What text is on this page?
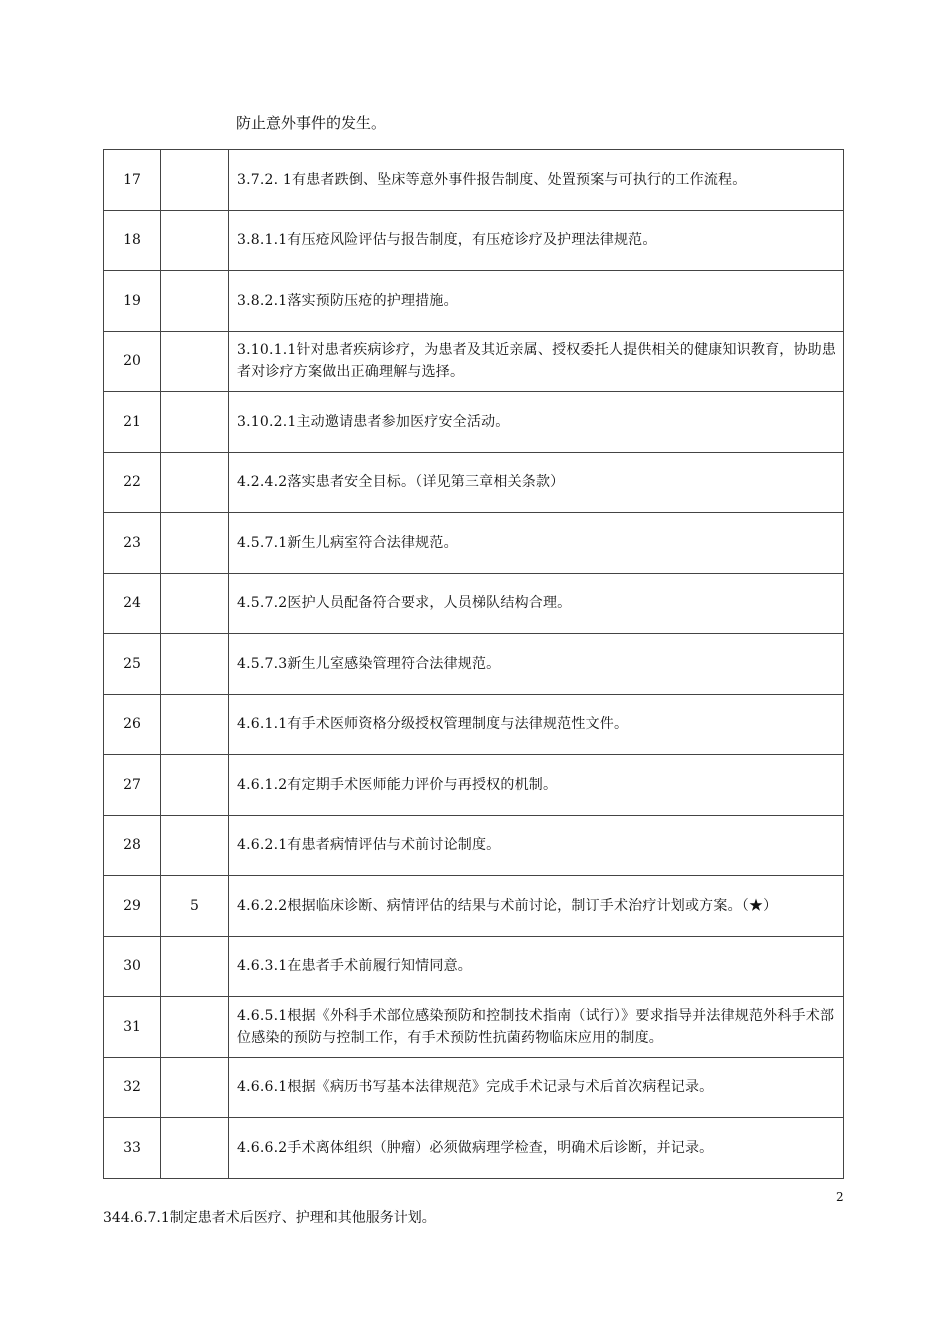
防止意外事件的发生。
17		3.7.2. 1有患者跌倒、坠床等意外事件报告制度、处置预案与可执行的工作流程。
18		3.8.1.1有压疮风险评估与报告制度，有压疮诊疗及护理法律规范。
19		3.8.2.1落实预防压疮的护理措施。
20		3.10.1.1针对患者疾病诊疗，为患者及其近亲属、授权委托人提供相关的健康知识教育，协助患者对诊疗方案做出正确理解与选择。
21		3.10.2.1主动邀请患者参加医疗安全活动。
22		4.2.4.2落实患者安全目标。（详见第三章相关条款）
23		4.5.7.1新生儿病室符合法律规范。
24		4.5.7.2医护人员配备符合要求，人员梯队结构合理。
25		4.5.7.3新生儿室感染管理符合法律规范。
26		4.6.1.1有手术医师资格分级授权管理制度与法律规范性文件。
27		4.6.1.2有定期手术医师能力评价与再授权的机制。
28		4.6.2.1有患者病情评估与术前讨论制度。
29	5	4.6.2.2根据临床诊断、病情评估的结果与术前讨论，制订手术治疗计划或方案。（★）
30		4.6.3.1在患者手术前履行知情同意。
31		4.6.5.1根据《外科手术部位感染预防和控制技术指南（试行）》要求指导并法律规范外科手术部位感染的预防与控制工作，有手术预防性抗菌药物临床应用的制度。
32		4.6.6.1根据《病历书写基本法律规范》完成手术记录与术后首次病程记录。
33		4.6.6.2手术离体组织（肿瘤）必须做病理学检查，明确术后诊断，并记录。
2
344.6.7.1制定患者术后医疗、护理和其他服务计划。
